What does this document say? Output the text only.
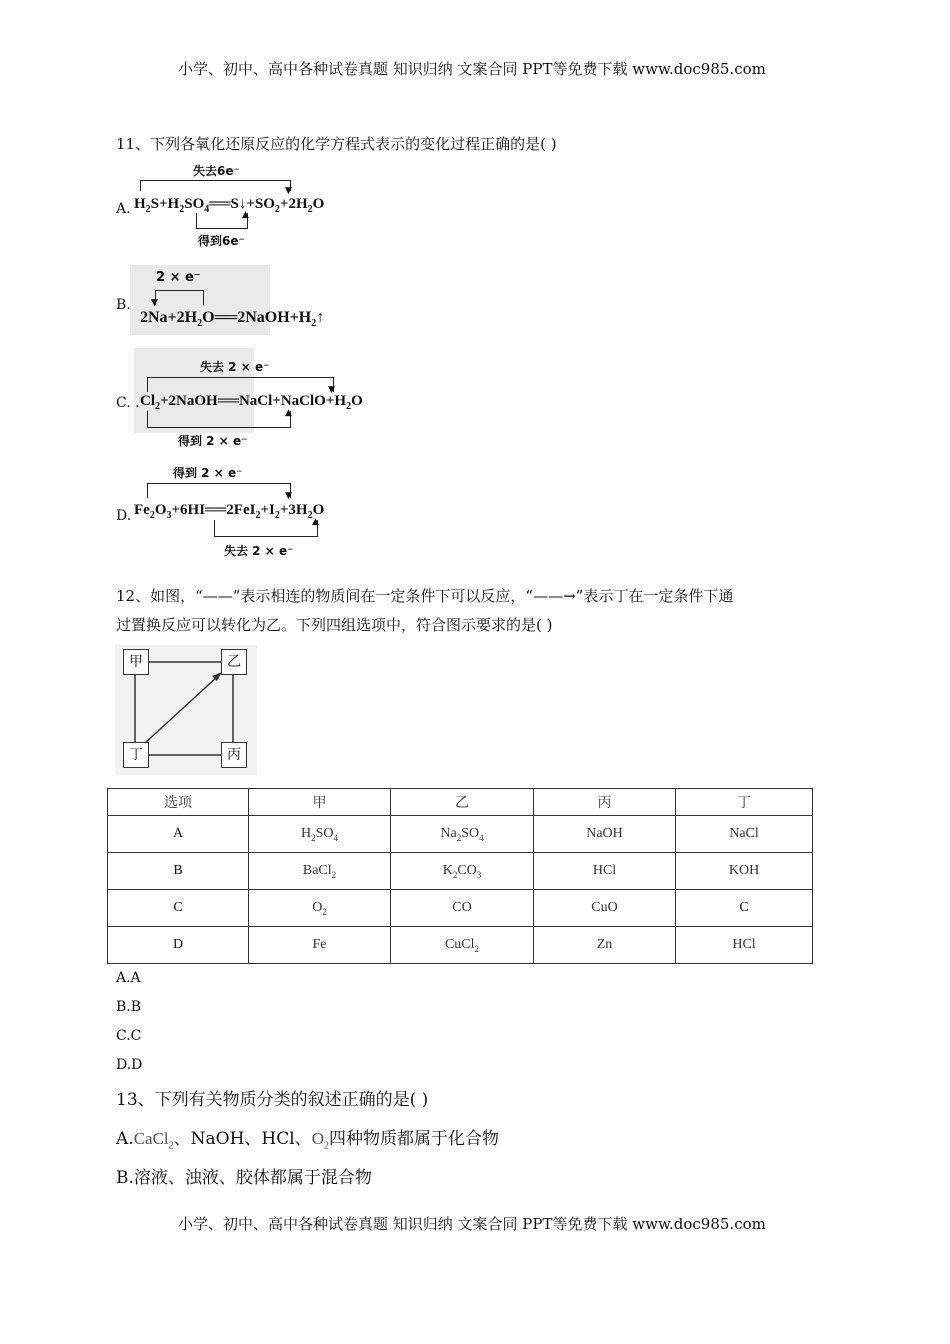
小学、初中、高中各种试卷真题 知识归纳 文案合同 PPT等免费下载 www.doc985.com
11、下列各氧化还原反应的化学方程式表示的变化过程正确的是( )
A.
失去6e⁻
▼
$H_2S+H_2SO_4══S↓+SO_2+2H_2O$
▲
得到6e⁻
2 × e⁻
▼
B.
$2Na+2H_2O══2NaOH+H_2↑$
失去 2 × e⁻
▼
C. . $Cl_2+2NaOH══NaCl+NaClO+H_2O$
▲
得到 2 × e⁻
得到 2 × e⁻
▼
D. $Fe_2O_3+6HI══2FeI_2+I_2+3H_2O$
▲
失去 2 × e⁻
12、如图，“——”表示相连的物质间在一定条件下可以反应，“——→”表示丁在一定条件下通
过置换反应可以转化为乙。下列四组选项中，符合图示要求的是( )
甲	乙
丁	丙
选项	甲	乙	丙	丁
A	$H_2SO_4$	$Na_2SO_4$	NaOH	NaCl
B	BaCl$_2$	$K_2CO_3$	HCl	KOH
C	$O_2$	CO	CuO	C
D	Fe	CuCl$_2$	Zn	HCl
A.A
B.B
C.C
D.D
13、下列有关物质分类的叙述正确的是( )
A.CaCl$_2$、NaOH、HCl、$O_2$四种物质都属于化合物
B.溶液、浊液、胶体都属于混合物
小学、初中、高中各种试卷真题 知识归纳 文案合同 PPT等免费下载 www.doc985.com
